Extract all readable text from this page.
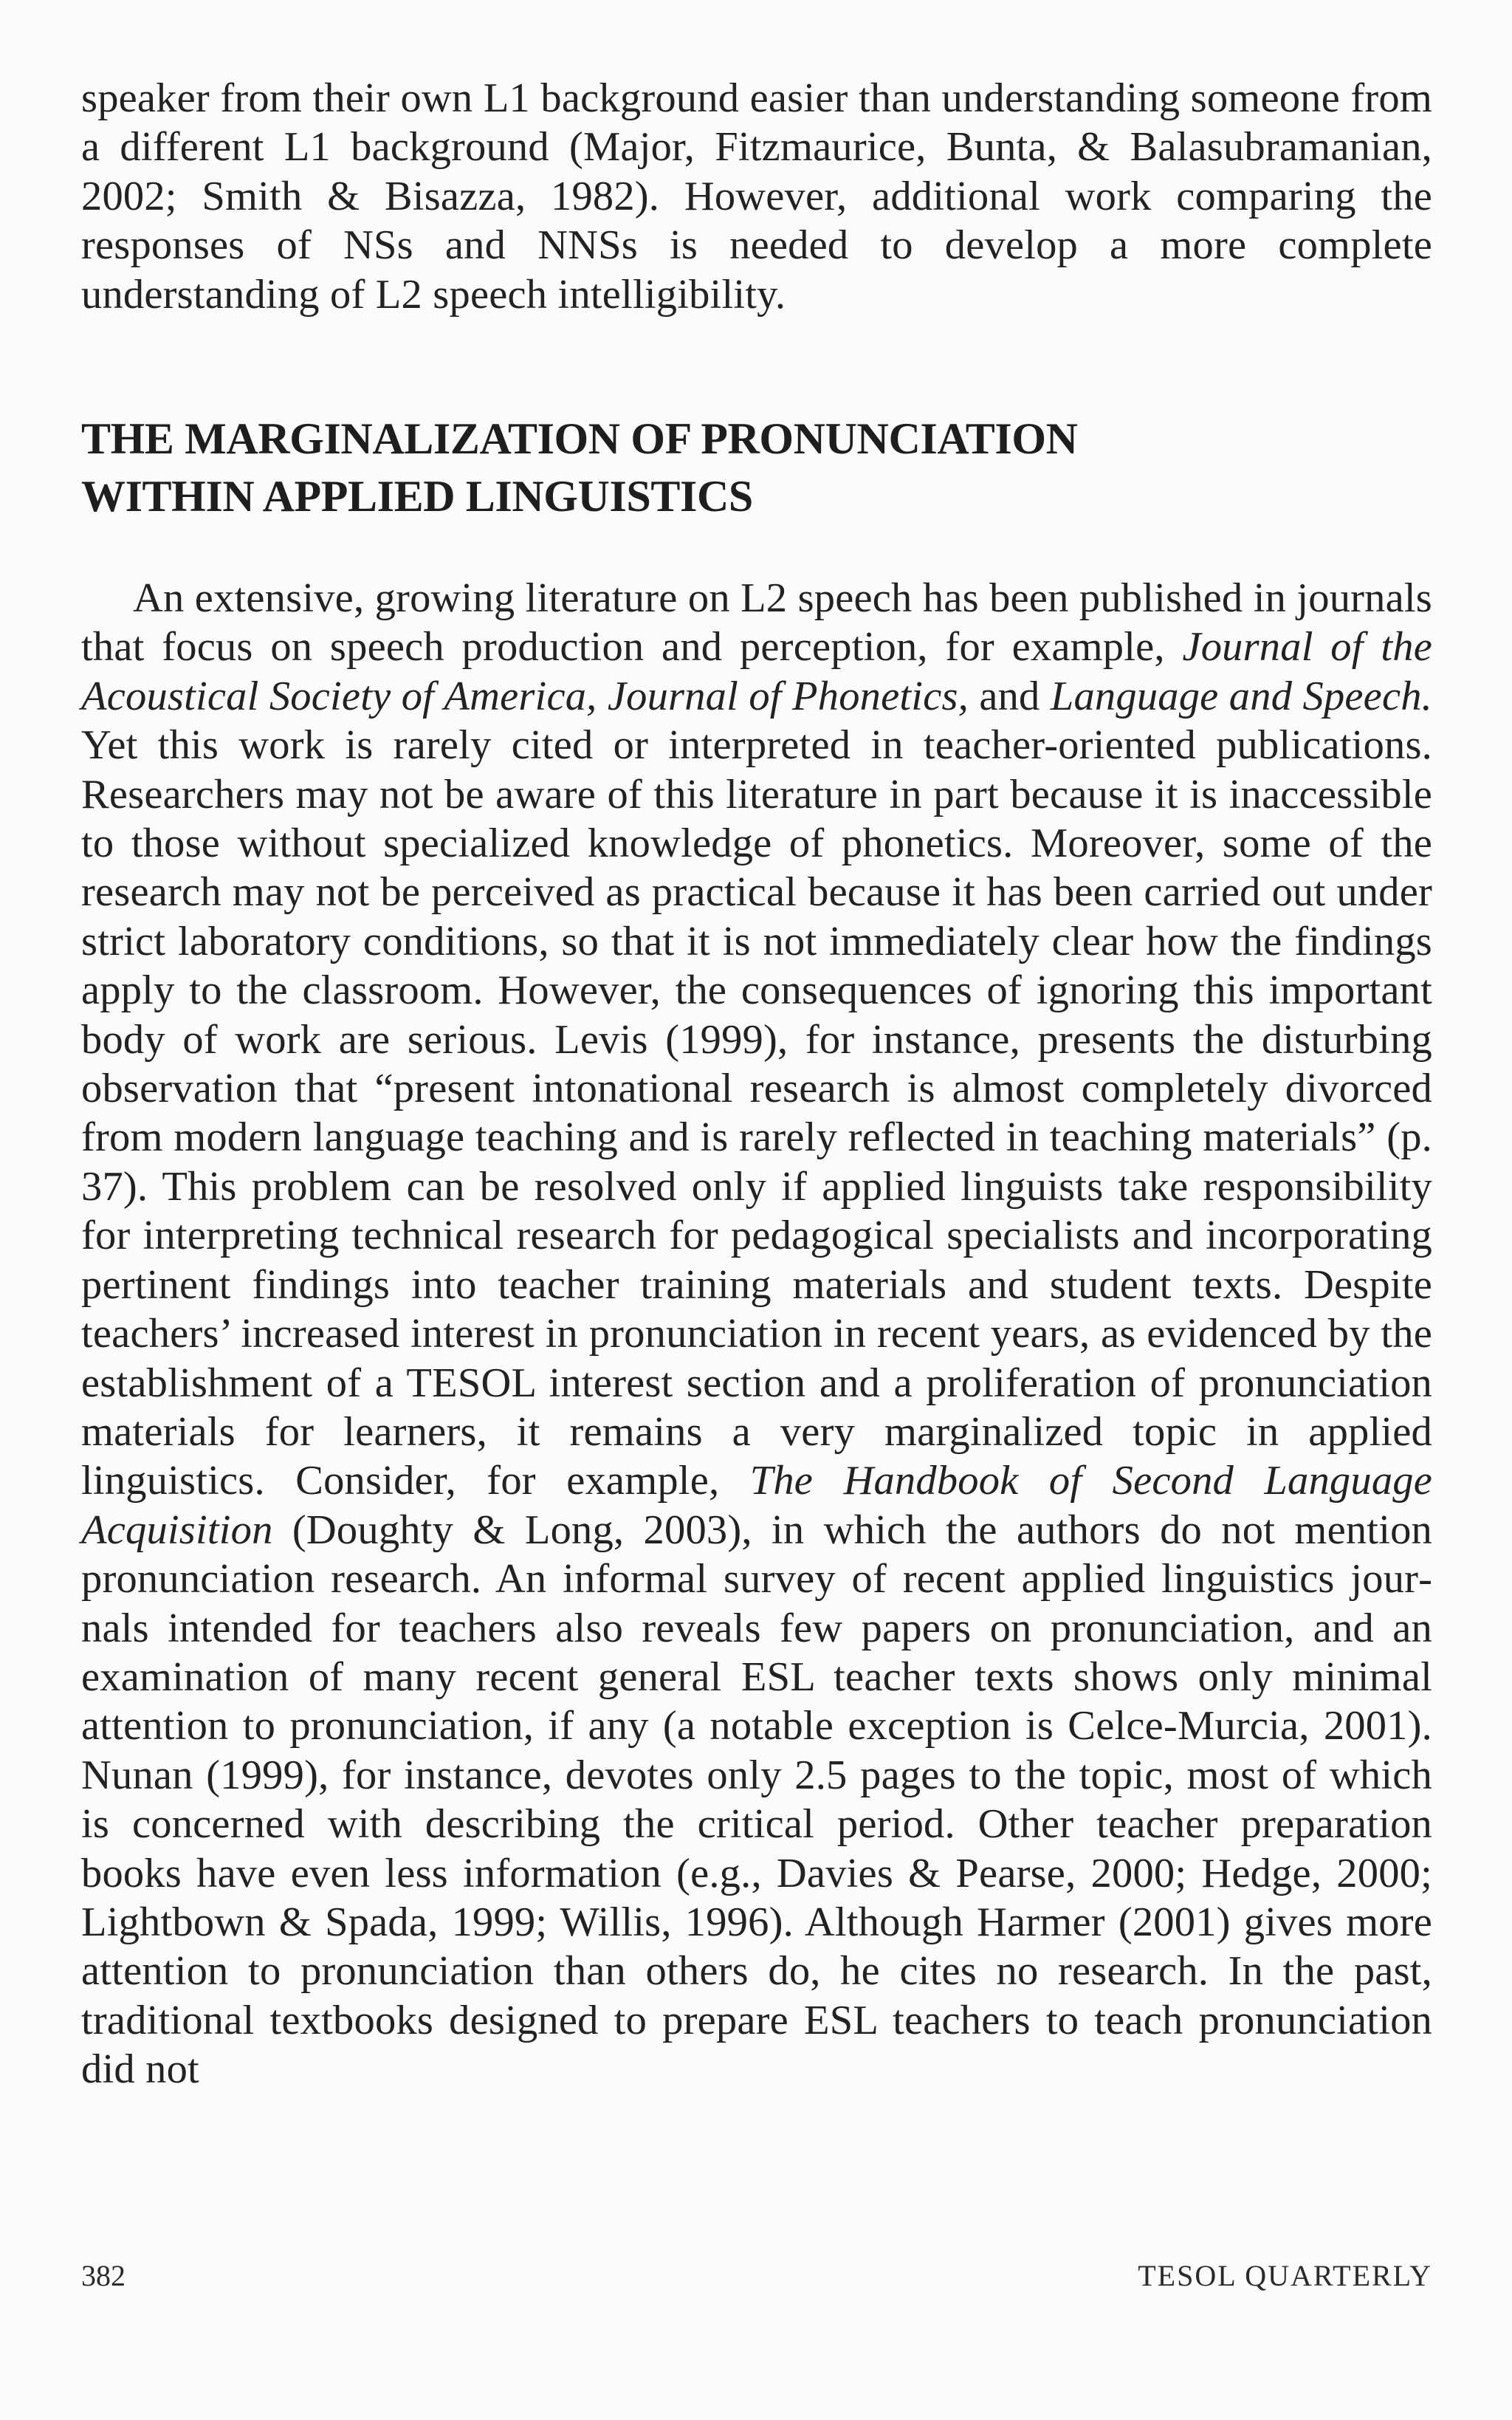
speaker from their own L1 background easier than understanding someone from a different L1 background (Major, Fitzmaurice, Bunta, & Balasubramanian, 2002; Smith & Bisazza, 1982). However, additional work comparing the responses of NSs and NNSs is needed to develop a more complete understanding of L2 speech intelligibility.

THE MARGINALIZATION OF PRONUNCIATION
WITHIN APPLIED LINGUISTICS

An extensive, growing literature on L2 speech has been published in journals that focus on speech production and perception, for example, Journal of the Acoustical Society of America, Journal of Phonetics, and Language and Speech. Yet this work is rarely cited or interpreted in teacher-oriented publications. Researchers may not be aware of this literature in part because it is inaccessible to those without specialized knowledge of phonetics. Moreover, some of the research may not be perceived as practical because it has been carried out under strict laboratory conditions, so that it is not immediately clear how the findings apply to the classroom. However, the consequences of ignoring this important body of work are serious. Levis (1999), for instance, presents the disturbing observation that “present intonational research is almost completely divorced from modern language teaching and is rarely reflected in teaching materials” (p. 37). This problem can be resolved only if applied linguists take responsibility for interpreting technical research for pedagogical specialists and incorporating pertinent findings into teacher training materials and student texts. Despite teachers’ increased interest in pronunciation in recent years, as evidenced by the establishment of a TESOL interest section and a proliferation of pronunciation materials for learners, it remains a very marginalized topic in applied linguistics. Consider, for example, The Handbook of Second Language Acquisition (Doughty & Long, 2003), in which the authors do not mention pronunciation research. An informal survey of recent applied linguistics journals intended for teachers also reveals few papers on pronunciation, and an examination of many recent general ESL teacher texts shows only minimal attention to pronunciation, if any (a notable exception is Celce-Murcia, 2001). Nunan (1999), for instance, devotes only 2.5 pages to the topic, most of which is concerned with describing the critical period. Other teacher preparation books have even less information (e.g., Davies & Pearse, 2000; Hedge, 2000; Lightbown & Spada, 1999; Willis, 1996). Although Harmer (2001) gives more attention to pronunciation than others do, he cites no research. In the past, traditional textbooks designed to prepare ESL teachers to teach pronunciation did not

382	TESOL QUARTERLY
